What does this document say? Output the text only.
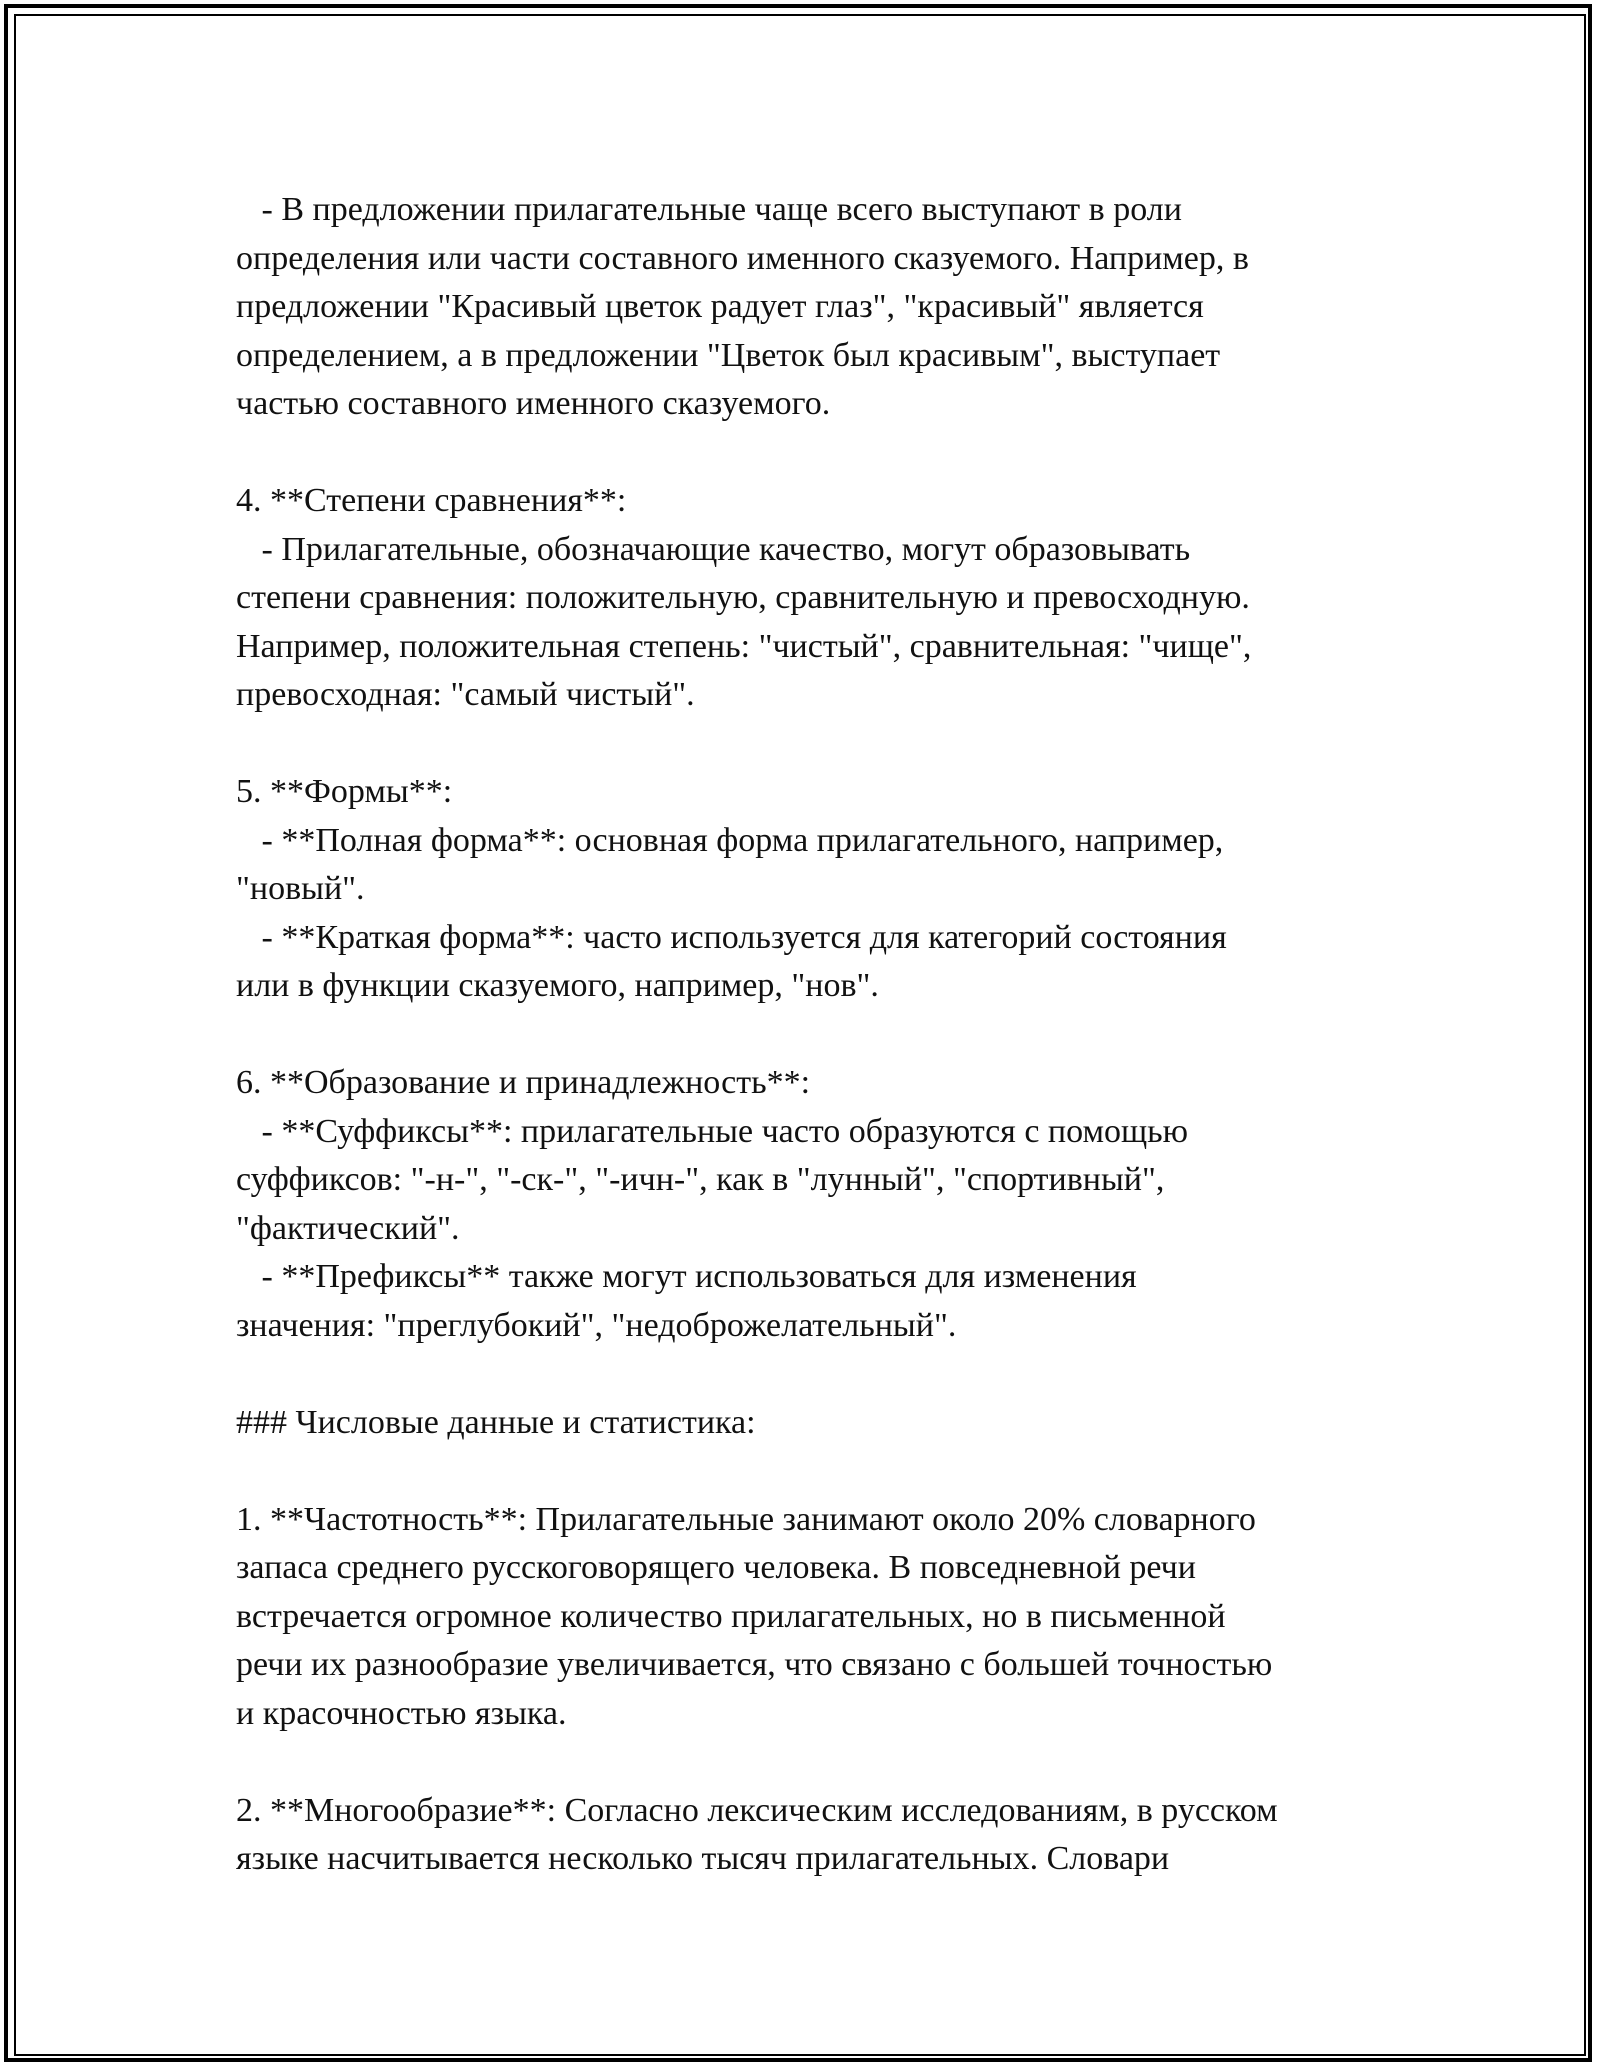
- В предложении прилагательные чаще всего выступают в роли
определения или части составного именного сказуемого. Например, в
предложении "Красивый цветок радует глаз", "красивый" является
определением, а в предложении "Цветок был красивым", выступает
частью составного именного сказуемого.
4. **Степени сравнения**:
- Прилагательные, обозначающие качество, могут образовывать
степени сравнения: положительную, сравнительную и превосходную.
Например, положительная степень: "чистый", сравнительная: "чище",
превосходная: "самый чистый".
5. **Формы**:
- **Полная форма**: основная форма прилагательного, например,
"новый".
- **Краткая форма**: часто используется для категорий состояния
или в функции сказуемого, например, "нов".
6. **Образование и принадлежность**:
- **Суффиксы**: прилагательные часто образуются с помощью
суффиксов: "-н-", "-ск-", "-ичн-", как в "лунный", "спортивный",
"фактический".
- **Префиксы** также могут использоваться для изменения
значения: "преглубокий", "недоброжелательный".
### Числовые данные и статистика:
1. **Частотность**: Прилагательные занимают около 20% словарного
запаса среднего русскоговорящего человека. В повседневной речи
встречается огромное количество прилагательных, но в письменной
речи их разнообразие увеличивается, что связано с большей точностью
и красочностью языка.
2. **Многообразие**: Согласно лексическим исследованиям, в русском
языке насчитывается несколько тысяч прилагательных. Словари
